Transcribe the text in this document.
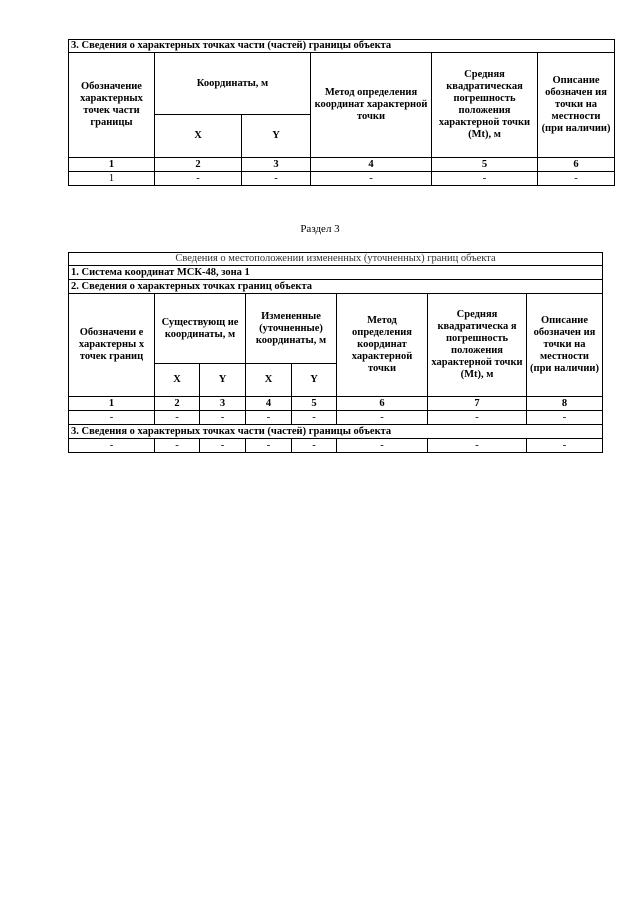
3. Сведения о характерных точках части (частей) границы объекта					
Обозначение характерных точек части границы	Координаты, м		Метод определения координат характерной точки	Средняя квадратическая погрешность положения характерной точки (Mt), м	Описание обозначен ия точки на местности (при наличии)
	X	Y			
1	2	3	4	5	6
1	-	-	-	-	-
Раздел 3
Сведения о местоположении измененных (уточненных) границ объекта							
1. Система координат МСК-48, зона 1							
2. Сведения о характерных точках границ объекта							
Обозначени е характерны х точек границ	Существующ ие координаты, м		Измененные (уточненные) координаты, м		Метод определения координат характерной точки	Средняя квадратическа я погрешность положения характерной точки (Mt), м	Описание обозначен ия точки на местности (при наличии)
	X	Y	X	Y			
1	2	3	4	5	6	7	8
-	-	-	-	-	-	-	-
3. Сведения о характерных точках части (частей) границы объекта							
-	-	-	-	-	-	-	-
